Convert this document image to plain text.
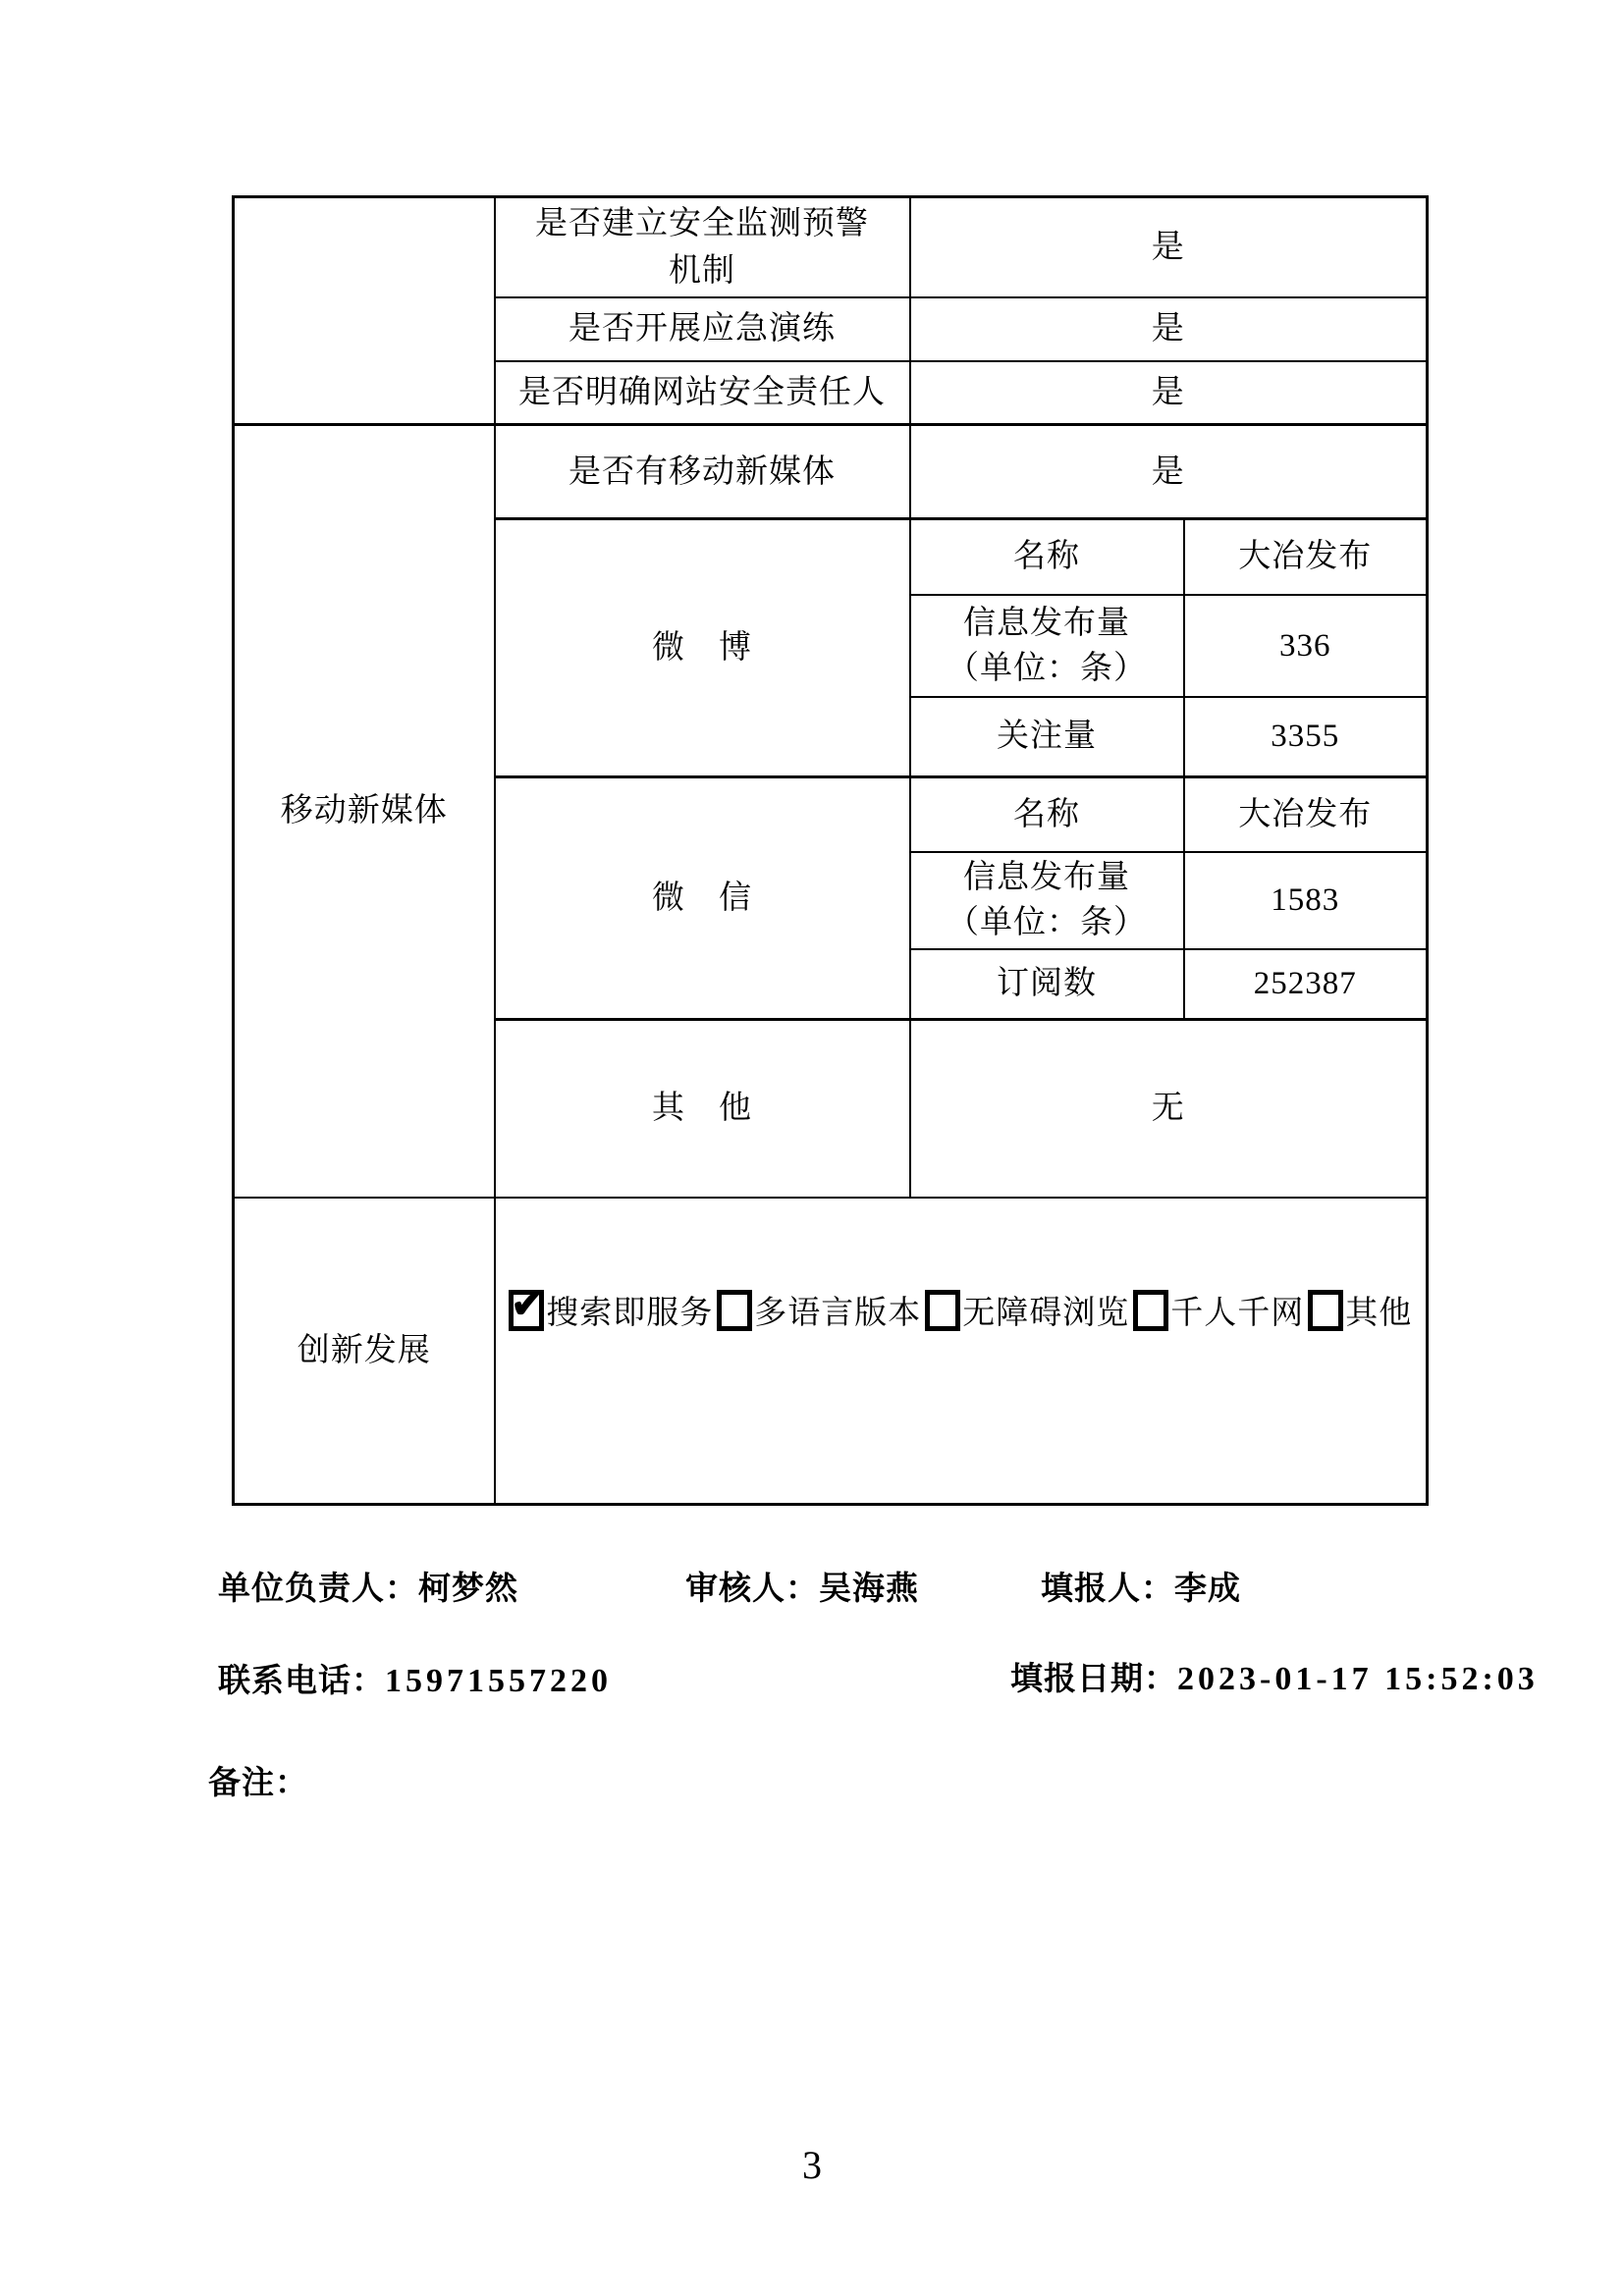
	是否建立安全监测预警机制	是	
	是否开展应急演练	是	
	是否明确网站安全责任人	是	
移动新媒体	是否有移动新媒体	是	
	微　博	名称	大冶发布

		信息发布量
（单位：条）	336
		关注量	3355
	微　信	名称	大冶发布

		信息发布量
（单位：条）	1583
		订阅数	252387
	其　他	无	
创新发展	
✔搜索即服务 多语言版本 无障碍浏览 千人千网 其他
单位负责人：柯梦然	审核人：吴海燕	填报人：李成
联系电话：15971557220	填报日期：2023-01-17 15:52:03
备注：
3
